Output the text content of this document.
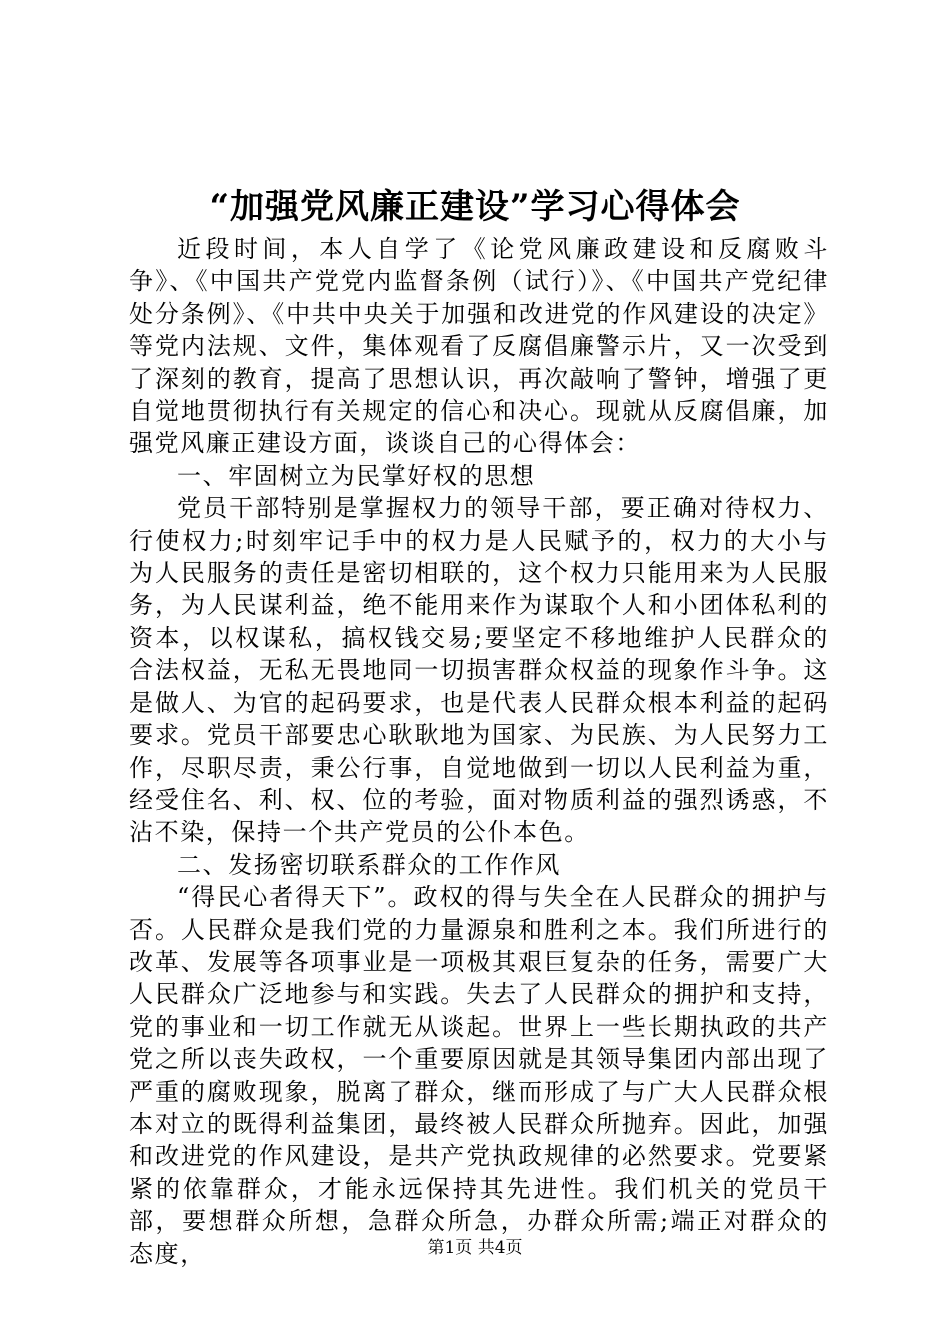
“加强党风廉正建设”学习心得体会

近段时间，本人自学了《论党风廉政建设和反腐败斗争》、《中国共产党党内监督条例（试行）》、《中国共产党纪律处分条例》、《中共中央关于加强和改进党的作风建设的决定》等党内法规、文件，集体观看了反腐倡廉警示片，又一次受到了深刻的教育，提高了思想认识，再次敲响了警钟，增强了更自觉地贯彻执行有关规定的信心和决心。现就从反腐倡廉，加强党风廉正建设方面，谈谈自己的心得体会：

一、牢固树立为民掌好权的思想

党员干部特别是掌握权力的领导干部，要正确对待权力、行使权力;时刻牢记手中的权力是人民赋予的，权力的大小与为人民服务的责任是密切相联的，这个权力只能用来为人民服务，为人民谋利益，绝不能用来作为谋取个人和小团体私利的资本，以权谋私，搞权钱交易;要坚定不移地维护人民群众的合法权益，无私无畏地同一切损害群众权益的现象作斗争。这是做人、为官的起码要求，也是代表人民群众根本利益的起码要求。党员干部要忠心耿耿地为国家、为民族、为人民努力工作，尽职尽责，秉公行事，自觉地做到一切以人民利益为重，经受住名、利、权、位的考验，面对物质利益的强烈诱惑，不沾不染，保持一个共产党员的公仆本色。

二、发扬密切联系群众的工作作风

“得民心者得天下”。政权的得与失全在人民群众的拥护与否。人民群众是我们党的力量源泉和胜利之本。我们所进行的改革、发展等各项事业是一项极其艰巨复杂的任务，需要广大人民群众广泛地参与和实践。失去了人民群众的拥护和支持，党的事业和一切工作就无从谈起。世界上一些长期执政的共产党之所以丧失政权，一个重要原因就是其领导集团内部出现了严重的腐败现象，脱离了群众，继而形成了与广大人民群众根本对立的既得利益集团，最终被人民群众所抛弃。因此，加强和改进党的作风建设，是共产党执政规律的必然要求。党要紧紧的依靠群众，才能永远保持其先进性。我们机关的党员干部，要想群众所想，急群众所急，办群众所需;端正对群众的态度，	第1页 共4页
